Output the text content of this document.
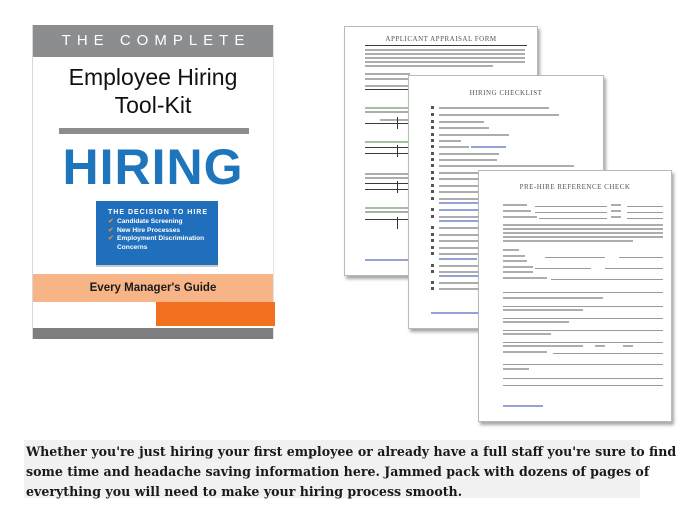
THE COMPLETE
Employee Hiring
Tool-Kit
HIRING
THE DECISION TO HIRE
✔ Candidate Screening
✔ New Hire Processes
✔ Employment Discrimination Concerns
Every Manager's Guide
APPLICANT APPRAISAL FORM
HIRING CHECKLIST
PRE-HIRE REFERENCE CHECK
Whether you're just hiring your first employee or already have a full staff you're sure to find
some time and headache saving information here. Jammed pack with dozens of pages of
everything you will need to make your hiring process smooth.
